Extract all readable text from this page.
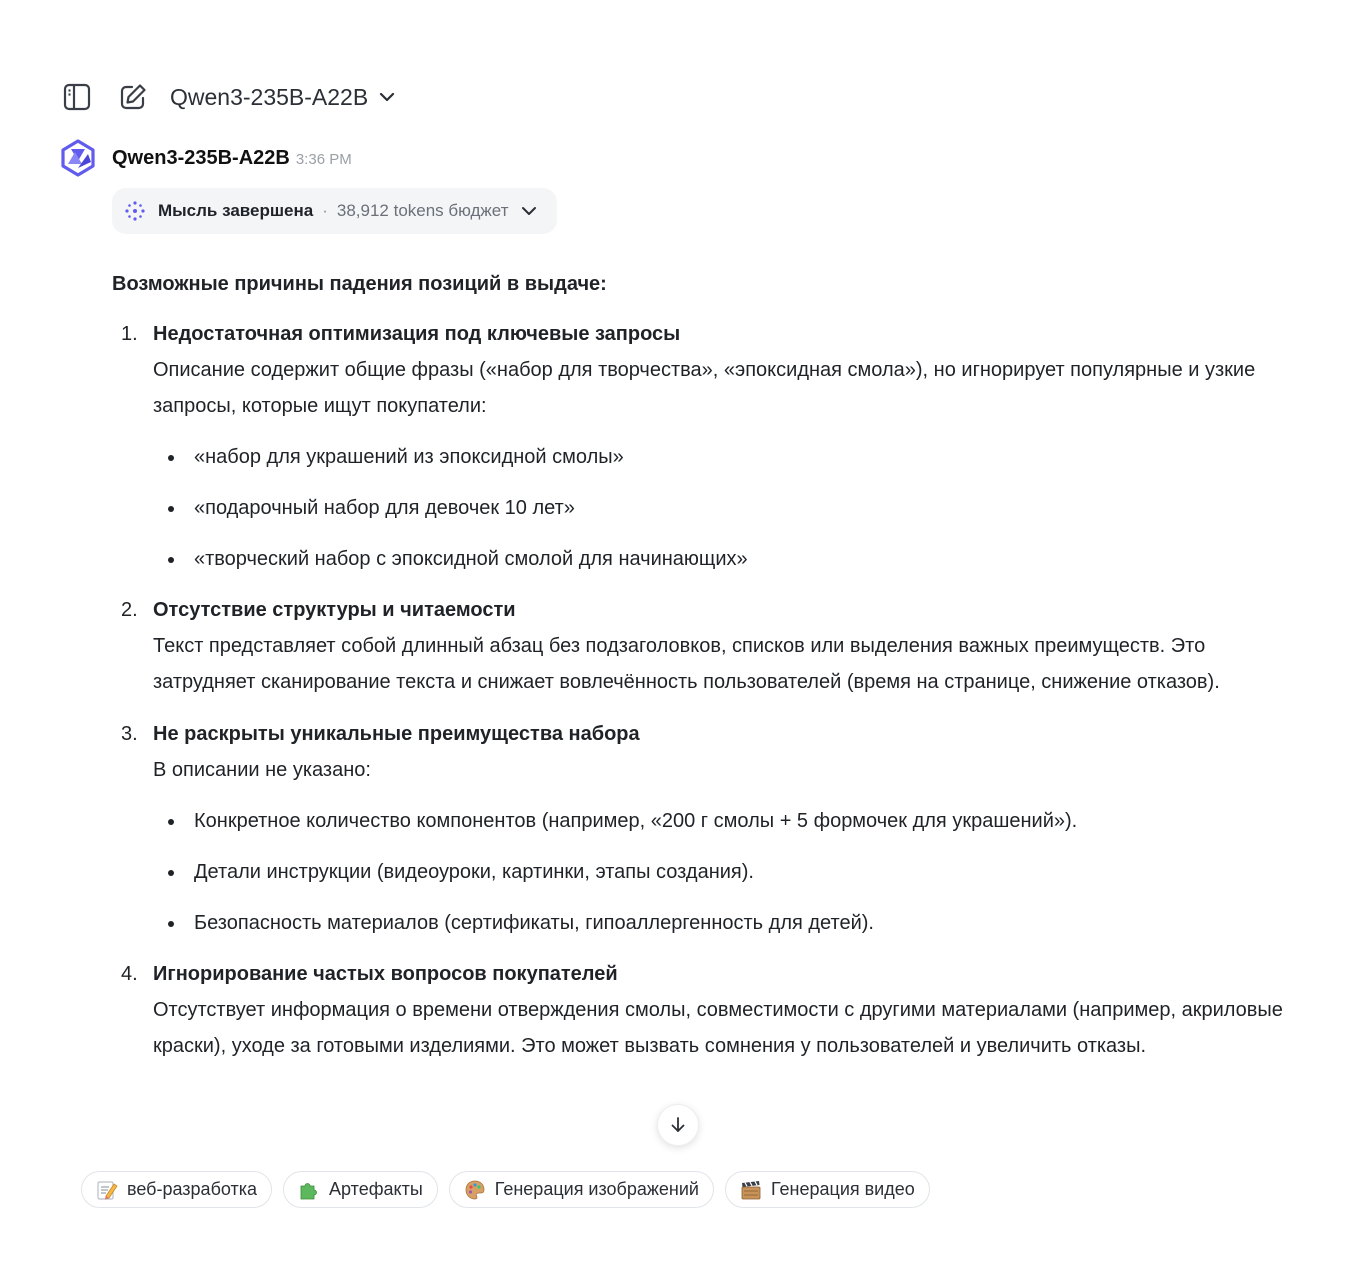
Qwen3-235B-A22B
Qwen3-235B-A22B 3:36 PM
Мысль завершена · 38,912 tokens бюджет
Возможные причины падения позиций в выдаче:
1. Недостаточная оптимизация под ключевые запросы
Описание содержит общие фразы («набор для творчества», «эпоксидная смола»), но игнорирует популярные и узкие запросы, которые ищут покупатели:
«набор для украшений из эпоксидной смолы»
«подарочный набор для девочек 10 лет»
«творческий набор с эпоксидной смолой для начинающих»
2. Отсутствие структуры и читаемости
Текст представляет собой длинный абзац без подзаголовков, списков или выделения важных преимуществ. Это затрудняет сканирование текста и снижает вовлечённость пользователей (время на странице, снижение отказов).
3. Не раскрыты уникальные преимущества набора
В описании не указано:
Конкретное количество компонентов (например, «200 г смолы + 5 формочек для украшений»).
Детали инструкции (видеоуроки, картинки, этапы создания).
Безопасность материалов (сертификаты, гипоаллергенность для детей).
4. Игнорирование частых вопросов покупателей
Отсутствует информация о времени отверждения смолы, совместимости с другими материалами (например, акриловые краски), уходе за готовыми изделиями. Это может вызвать сомнения у пользователей и увеличить отказы.
веб-разработка	Артефакты	Генерация изображений	Генерация видео
